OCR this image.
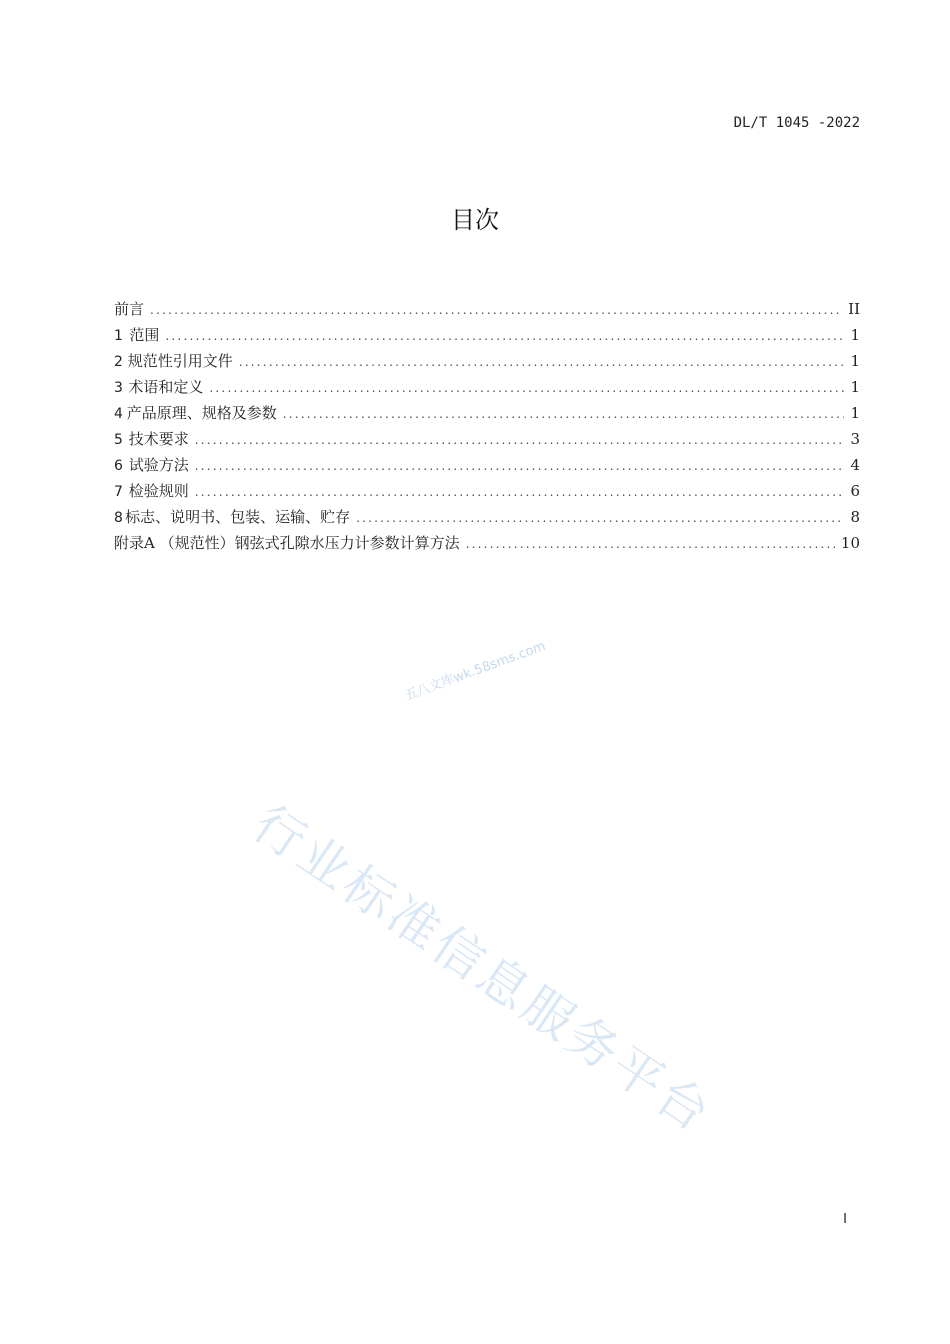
DL/T 1045 -2022
目次
前言 .....	II
1 范围 .....	1
2 规范性引用文件 .....	1
3 术语和定义 .....	1
4 产品原理、规格及参数 .....	1
5 技术要求 .....	3
6 试验方法 .....	4
7 检验规则 .....	6
8 标志、说明书、包装、运输、贮存 .....	8
附录A （规范性）钢弦式孔隙水压力计参数计算方法 .....	10
五八文库wk.58sms.com
行业标准信息服务平台
I
